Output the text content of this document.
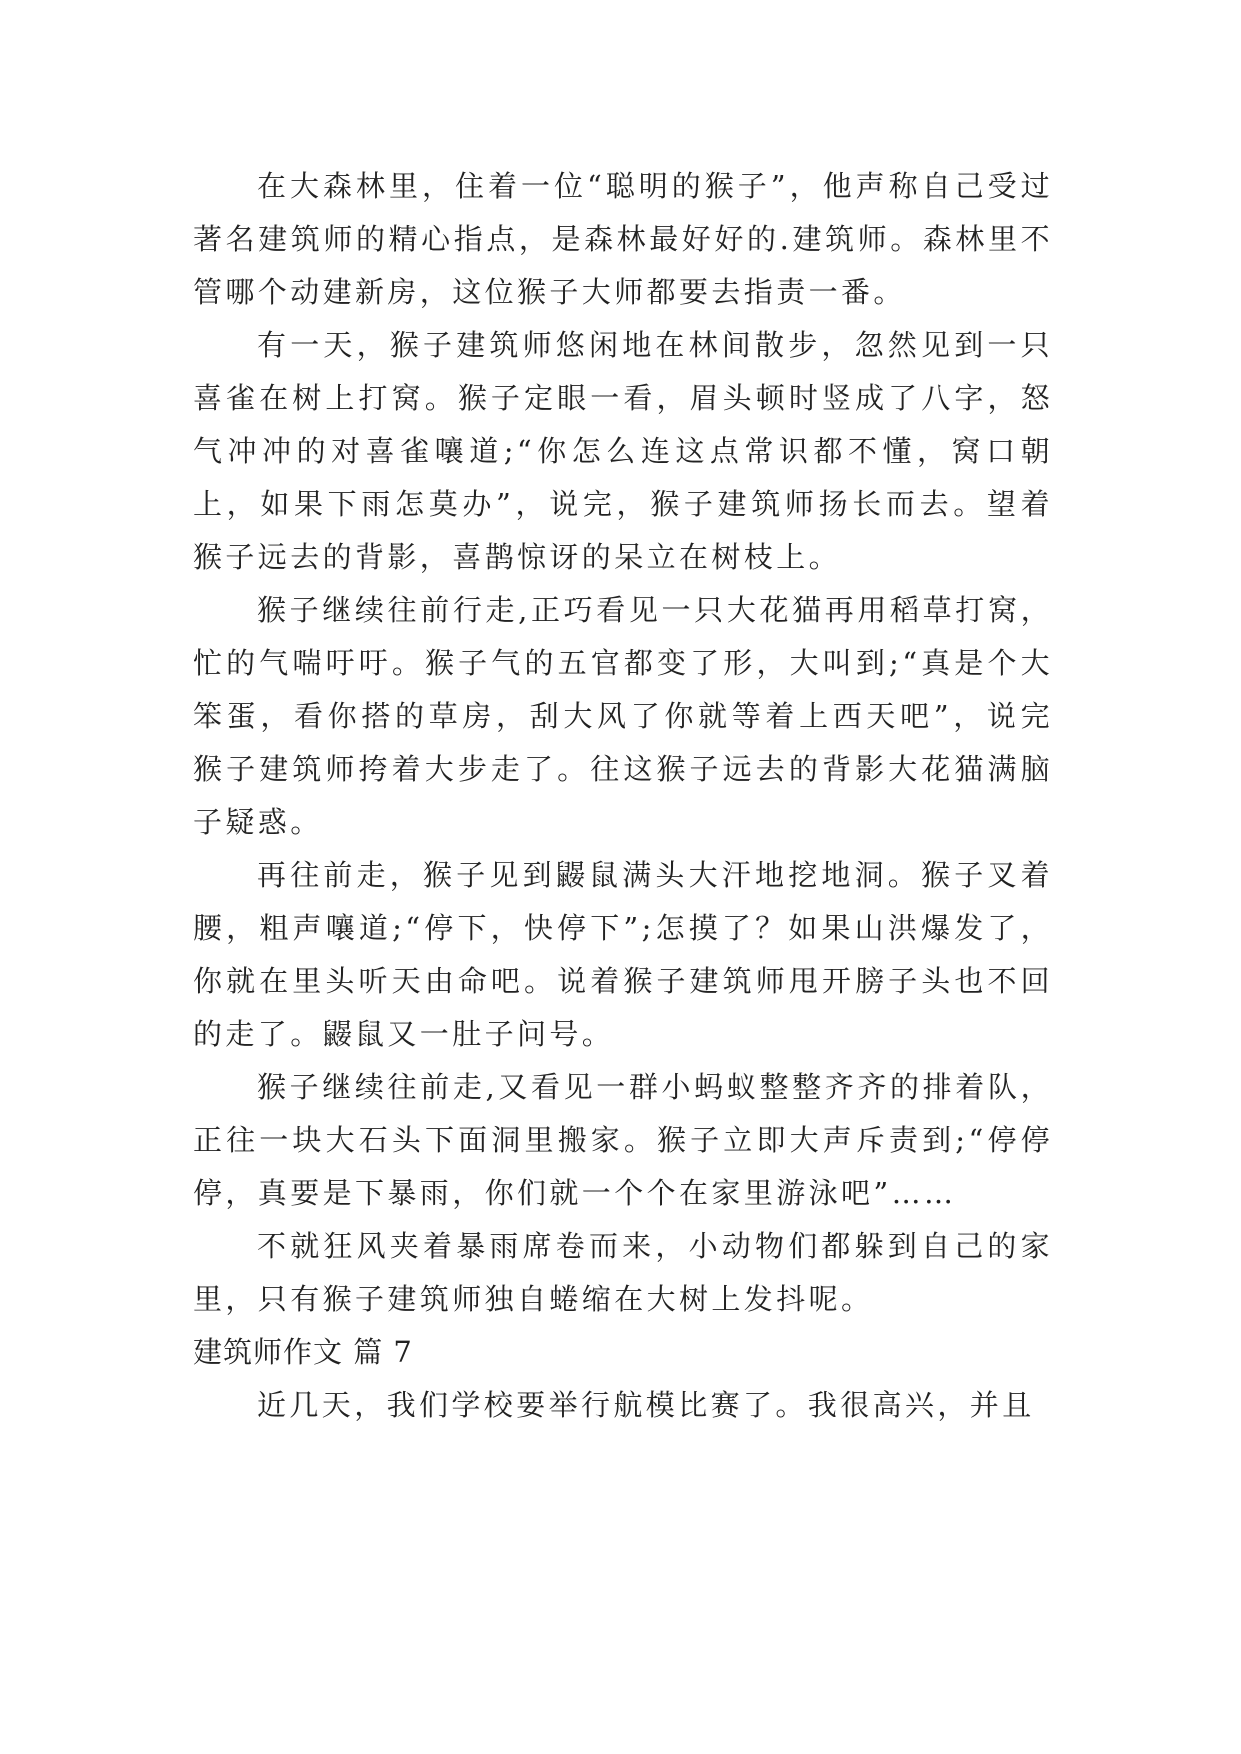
在大森林里，住着一位“聪明的猴子”，他声称自己受过著名建筑师的精心指点，是森林最好好的.建筑师。森林里不管哪个动建新房，这位猴子大师都要去指责一番。

有一天，猴子建筑师悠闲地在林间散步，忽然见到一只喜雀在树上打窝。猴子定眼一看，眉头顿时竖成了八字，怒气冲冲的对喜雀嚷道;“你怎么连这点常识都不懂，窝口朝上，如果下雨怎莫办”，说完，猴子建筑师扬长而去。望着猴子远去的背影，喜鹊惊讶的呆立在树枝上。

猴子继续往前行走,正巧看见一只大花猫再用稻草打窝，忙的气喘吁吁。猴子气的五官都变了形，大叫到;“真是个大笨蛋，看你搭的草房，刮大风了你就等着上西天吧”，说完猴子建筑师挎着大步走了。往这猴子远去的背影大花猫满脑子疑惑。

再往前走，猴子见到鼹鼠满头大汗地挖地洞。猴子叉着腰，粗声嚷道;“停下，快停下”;怎摸了？如果山洪爆发了，你就在里头听天由命吧。说着猴子建筑师甩开膀子头也不回的走了。鼹鼠又一肚子问号。

猴子继续往前走,又看见一群小蚂蚁整整齐齐的排着队，正往一块大石头下面洞里搬家。猴子立即大声斥责到;“停停停，真要是下暴雨，你们就一个个在家里游泳吧”……

不就狂风夹着暴雨席卷而来，小动物们都躲到自己的家里，只有猴子建筑师独自蜷缩在大树上发抖呢。

建筑师作文 篇 7

近几天，我们学校要举行航模比赛了。我很高兴，并且
